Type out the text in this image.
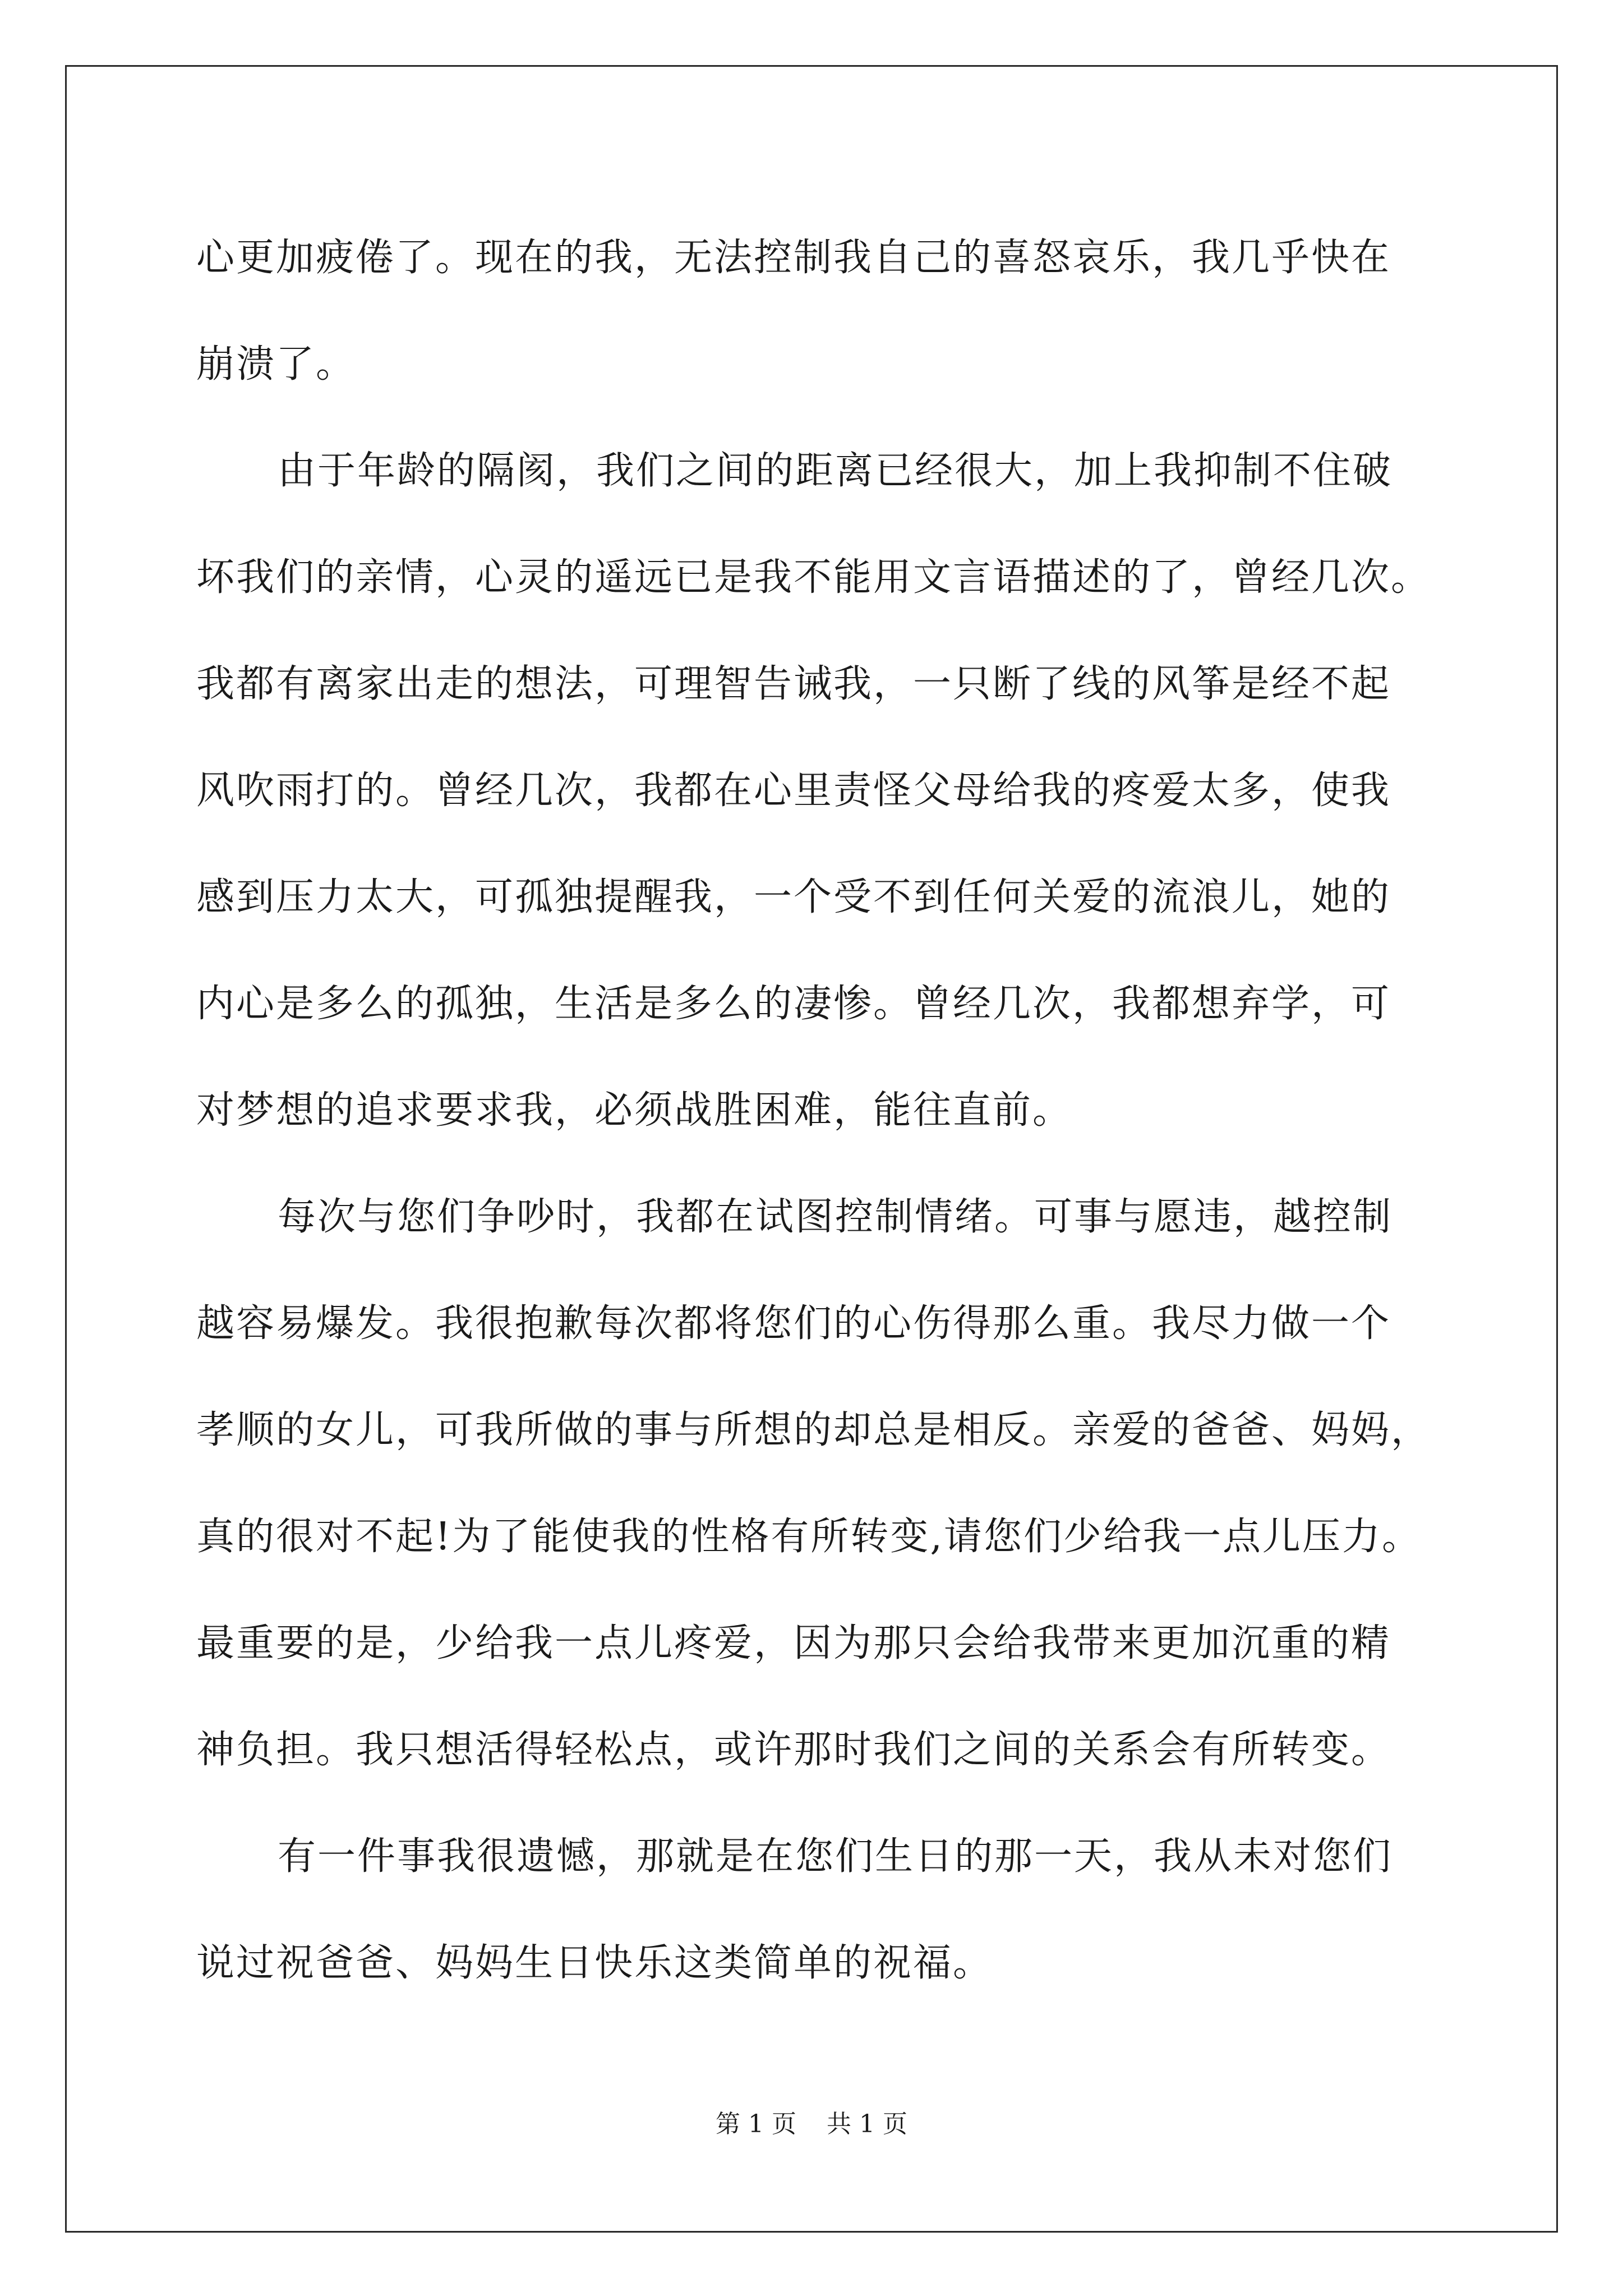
心更加疲倦了。现在的我，无法控制我自己的喜怒哀乐，我几乎快在
崩溃了。
由于年龄的隔阂，我们之间的距离已经很大，加上我抑制不住破
坏我们的亲情，心灵的遥远已是我不能用文言语描述的了，曾经几次。
我都有离家出走的想法，可理智告诫我，一只断了线的风筝是经不起
风吹雨打的。曾经几次，我都在心里责怪父母给我的疼爱太多，使我
感到压力太大，可孤独提醒我，一个受不到任何关爱的流浪儿，她的
内心是多么的孤独，生活是多么的凄惨。曾经几次，我都想弃学，可
对梦想的追求要求我，必须战胜困难，能往直前。
每次与您们争吵时，我都在试图控制情绪。可事与愿违，越控制
越容易爆发。我很抱歉每次都将您们的心伤得那么重。我尽力做一个
孝顺的女儿，可我所做的事与所想的却总是相反。亲爱的爸爸、妈妈，
真的很对不起!为了能使我的性格有所转变,请您们少给我一点儿压力。
最重要的是，少给我一点儿疼爱，因为那只会给我带来更加沉重的精
神负担。我只想活得轻松点，或许那时我们之间的关系会有所转变。
有一件事我很遗憾，那就是在您们生日的那一天，我从未对您们
说过祝爸爸、妈妈生日快乐这类简单的祝福。
第 1 页 共 1 页
